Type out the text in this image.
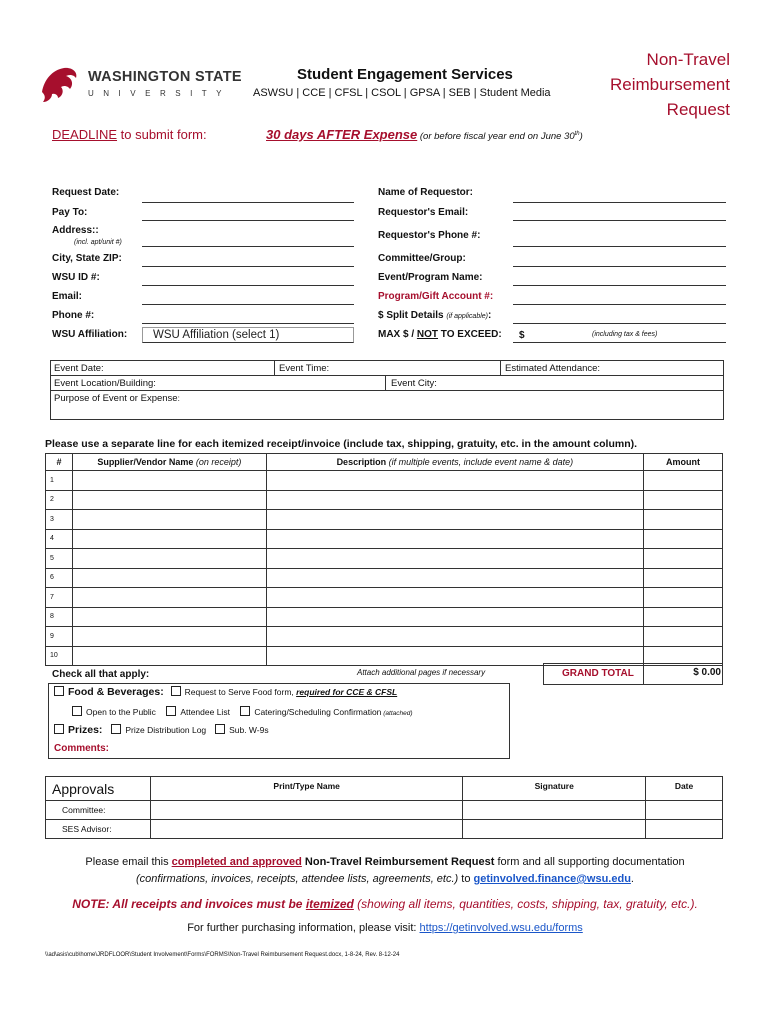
WASHINGTON STATE
UNIVERSITY
Student Engagement Services
ASWSU | CCE | CFSL | CSOL | GPSA | SEB | Student Media
Non-Travel
Reimbursement
Request
DEADLINE to submit form:	30 days AFTER Expense (or before fiscal year end on June 30th)
Request Date:
Pay To:
Address::
(incl. apt/unit #)
City, State ZIP:
WSU ID #:
Email:
Phone #:
WSU Affiliation:	WSU Affiliation (select 1)
Name of Requestor:
Requestor's Email:
Requestor's Phone #:
Committee/Group:
Event/Program Name:
Program/Gift Account #:
$ Split Details (if applicable):
MAX $ / NOT TO EXCEED: $	(including tax & fees)
Event Date:	Event Time:	Estimated Attendance:
Event Location/Building:	Event City:
Purpose of Event or Expense:
Please use a separate line for each itemized receipt/invoice (include tax, shipping, gratuity, etc. in the amount column).
#	Supplier/Vendor Name (on receipt)	Description (if multiple events, include event name & date)	Amount
1			
2			
3			
4			
5			
6			
7			
8			
9			
10			
Check all that apply:	Attach additional pages if necessary	GRAND TOTAL	$ 0.00
Food & Beverages: Request to Serve Food form, required for CCE & CFSL
Open to the Public	Attendee List	Catering/Scheduling Confirmation (attached)
Prizes:	Prize Distribution Log	Sub. W-9s
Comments:
Approvals	Print/Type Name	Signature	Date
Committee:			
SES Advisor:			
Please email this completed and approved Non-Travel Reimbursement Request form and all supporting documentation
(confirmations, invoices, receipts, attendee lists, agreements, etc.) to getinvolved.finance@wsu.edu.
NOTE: All receipts and invoices must be itemized (showing all items, quantities, costs, shipping, tax, gratuity, etc.).
For further purchasing information, please visit: https://getinvolved.wsu.edu/forms
\\ad\asis\cub\home\JRDFLOOR\Student Involvement\Forms\FORMS\Non-Travel Reimbursement Request.docx, 1-8-24, Rev. 8-12-24
